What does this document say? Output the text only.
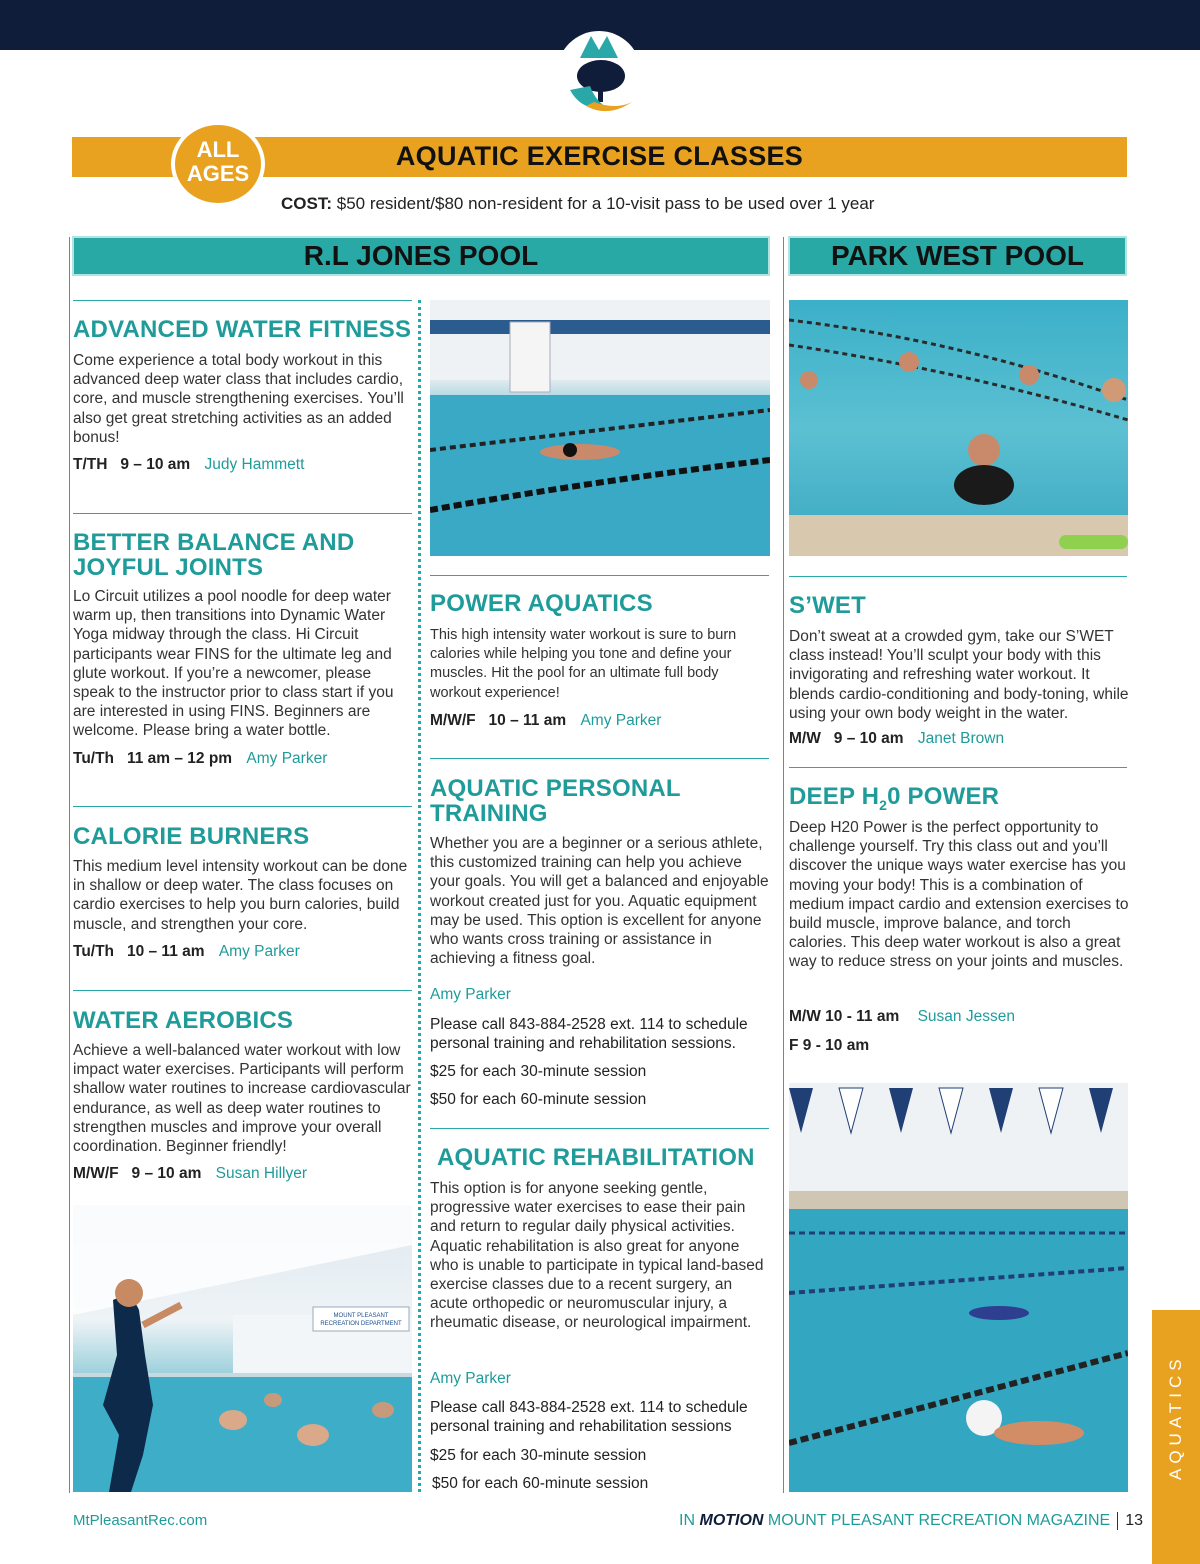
AQUATIC EXERCISE CLASSES
ALL
AGES
COST: $50 resident/$80 non-resident for a 10-visit pass to be used over 1 year
R.L JONES POOL	PARK WEST POOL
ADVANCED WATER FITNESS
Come experience a total body workout in this advanced deep water class that includes cardio, core, and muscle strengthening exercises. You’ll also get great stretching activities as an added bonus!
T/TH 9 – 10 am Judy Hammett
BETTER BALANCE AND
JOYFUL JOINTS
Lo Circuit utilizes a pool noodle for deep water warm up, then transitions into Dynamic Water Yoga midway through the class. Hi Circuit participants wear FINS for the ultimate leg and glute workout. If you’re a newcomer, please speak to the instructor prior to class start if you are interested in using FINS. Beginners are welcome. Please bring a water bottle.
Tu/Th 11 am – 12 pm Amy Parker
CALORIE BURNERS
This medium level intensity workout can be done in shallow or deep water. The class focuses on cardio exercises to help you burn calories, build muscle, and strengthen your core.
Tu/Th 10 – 11 am Amy Parker
WATER AEROBICS
Achieve a well-balanced water workout with low impact water exercises. Participants will perform shallow water routines to increase cardiovascular endurance, as well as deep water routines to strengthen muscles and improve your overall coordination. Beginner friendly!
M/W/F 9 – 10 am Susan Hillyer
MOUNT PLEASANT
RECREATION DEPARTMENT
POWER AQUATICS
This high intensity water workout is sure to burn calories while helping you tone and define your muscles. Hit the pool for an ultimate full body workout experience!
M/W/F 10 – 11 am Amy Parker
AQUATIC PERSONAL
TRAINING
Whether you are a beginner or a serious athlete, this customized training can help you achieve your goals. You will get a balanced and enjoyable workout created just for you. Aquatic equipment may be used. This option is excellent for anyone who wants cross training or assistance in achieving a fitness goal.
Amy Parker
Please call 843-884-2528 ext. 114 to schedule personal training and rehabilitation sessions.
$25 for each 30-minute session
$50 for each 60-minute session
AQUATIC REHABILITATION
This option is for anyone seeking gentle, progressive water exercises to ease their pain and return to regular daily physical activities. Aquatic rehabilitation is also great for anyone who is unable to participate in typical land-based exercise classes due to a recent surgery, an acute orthopedic or neuromuscular injury, a rheumatic disease, or neurological impairment.
Amy Parker
Please call 843-884-2528 ext. 114 to schedule personal training and rehabilitation sessions
$25 for each 30-minute session
$50 for each 60-minute session
S’WET
Don’t sweat at a crowded gym, take our S’WET class instead! You’ll sculpt your body with this invigorating and refreshing water workout. It blends cardio-conditioning and body-toning, while using your own body weight in the water.
M/W 9 – 10 am Janet Brown
DEEP $H_20$ POWER
Deep H20 Power is the perfect opportunity to challenge yourself. Try this class out and you’ll discover the unique ways water exercise has you moving your body! This is a combination of medium impact cardio and extension exercises to build muscle, improve balance, and torch calories. This deep water workout is also a great way to reduce stress on your joints and muscles.
M/W 10 - 11 am Susan Jessen
F 9 - 10 am
AQUATICS
MtPleasantRec.com	IN MOTION MOUNT PLEASANT RECREATION MAGAZINE 13
